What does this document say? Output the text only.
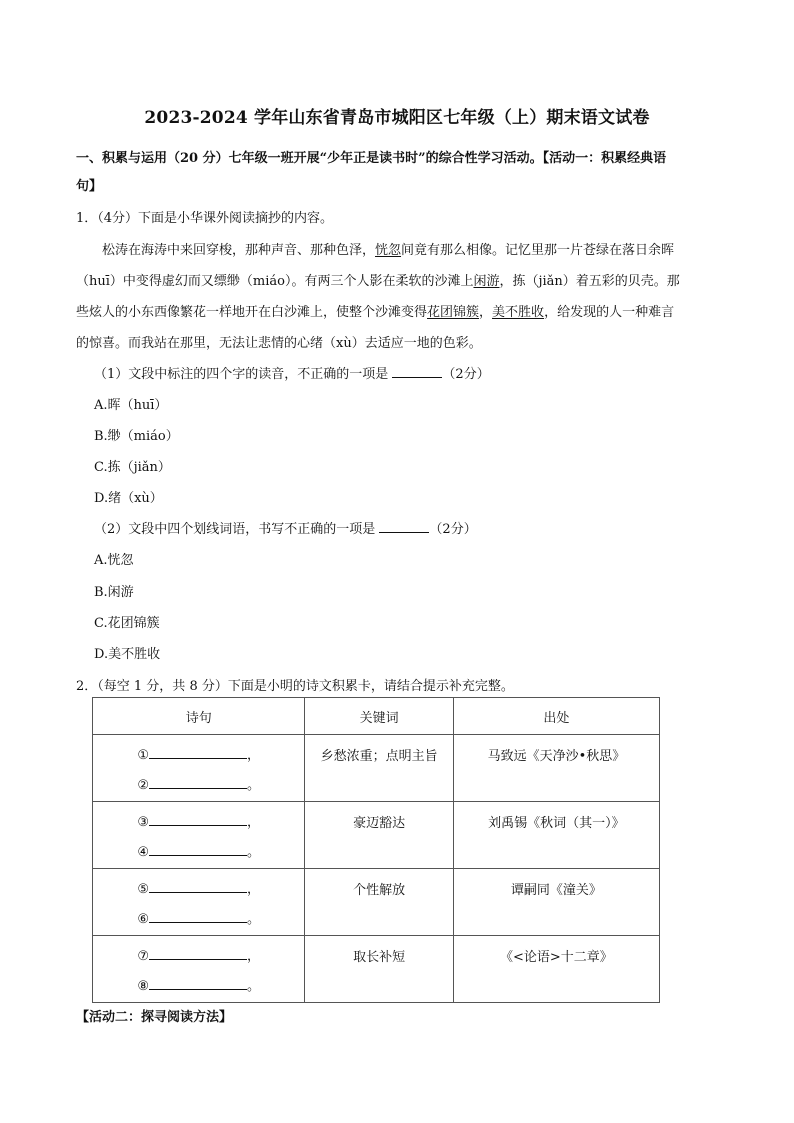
2023-2024 学年山东省青岛市城阳区七年级（上）期末语文试卷
一、积累与运用（20 分）七年级一班开展“少年正是读书时”的综合性学习活动。【活动一：积累经典语
句】
1．（4分）下面是小华课外阅读摘抄的内容。
松涛在海涛中来回穿梭，那种声音、那种色泽，恍忽间竟有那么相像。记忆里那一片苍绿在落日余晖
（huī）中变得虚幻而又缥缈（miáo）。有两三个人影在柔软的沙滩上闲游，拣（jiǎn）着五彩的贝壳。那
些炫人的小东西像繁花一样地开在白沙滩上，使整个沙滩变得花团锦簇，美不胜收，给发现的人一种难言
的惊喜。而我站在那里，无法让悲情的心绪（xù）去适应一地的色彩。
（1）文段中标注的四个字的读音，不正确的一项是	（2分）
A.晖（huī）
B.缈（miáo）
C.拣（jiǎn）
D.绪（xù）
（2）文段中四个划线词语，书写不正确的一项是	（2分）
A.恍忽
B.闲游
C.花团锦簇
D.美不胜收
2．（每空 1 分，共 8 分）下面是小明的诗文积累卡，请结合提示补充完整。
诗句	关键词	出处

① ，
② 。	乡愁浓重；点明主旨	马致远《天净沙•秋思》

③ ，
④ 。	豪迈豁达	刘禹锡《秋词（其一）》

⑤ ，
⑥ 。	个性解放	谭嗣同《潼关》

⑦ ，
⑧ 。	取长补短	《<论语>十二章》
【活动二：探寻阅读方法】
